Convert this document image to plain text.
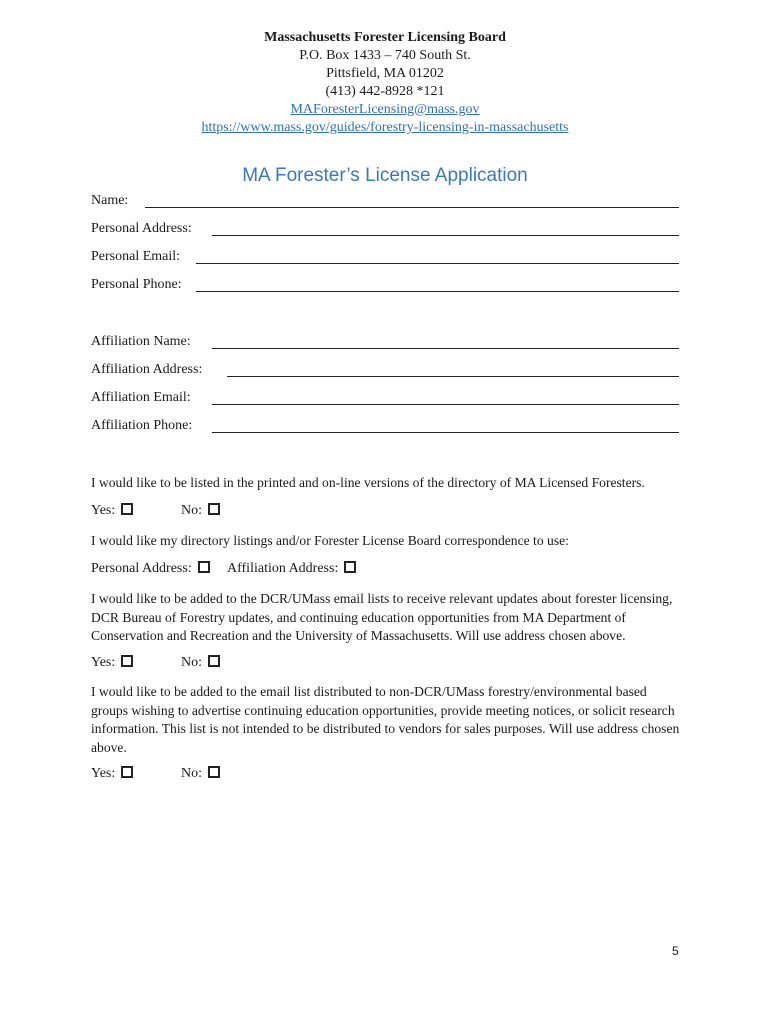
Massachusetts Forester Licensing Board
P.O. Box 1433 – 740 South St.
Pittsfield, MA 01202
(413) 442-8928 *121
MAForesterLicensing@mass.gov
https://www.mass.gov/guides/forestry-licensing-in-massachusetts
MA Forester’s License Application
Name:
Personal Address:
Personal Email:
Personal Phone:
Affiliation Name:
Affiliation Address:
Affiliation Email:
Affiliation Phone:
I would like to be listed in the printed and on-line versions of the directory of MA Licensed Foresters.
Yes:	No:
I would like my directory listings and/or Forester License Board correspondence to use:
Personal Address:	Affiliation Address:
I would like to be added to the DCR/UMass email lists to receive relevant updates about forester licensing, DCR Bureau of Forestry updates, and continuing education opportunities from MA Department of Conservation and Recreation and the University of Massachusetts. Will use address chosen above.
Yes:	No:
I would like to be added to the email list distributed to non-DCR/UMass forestry/environmental based groups wishing to advertise continuing education opportunities, provide meeting notices, or solicit research information. This list is not intended to be distributed to vendors for sales purposes. Will use address chosen above.
Yes:	No:
5
